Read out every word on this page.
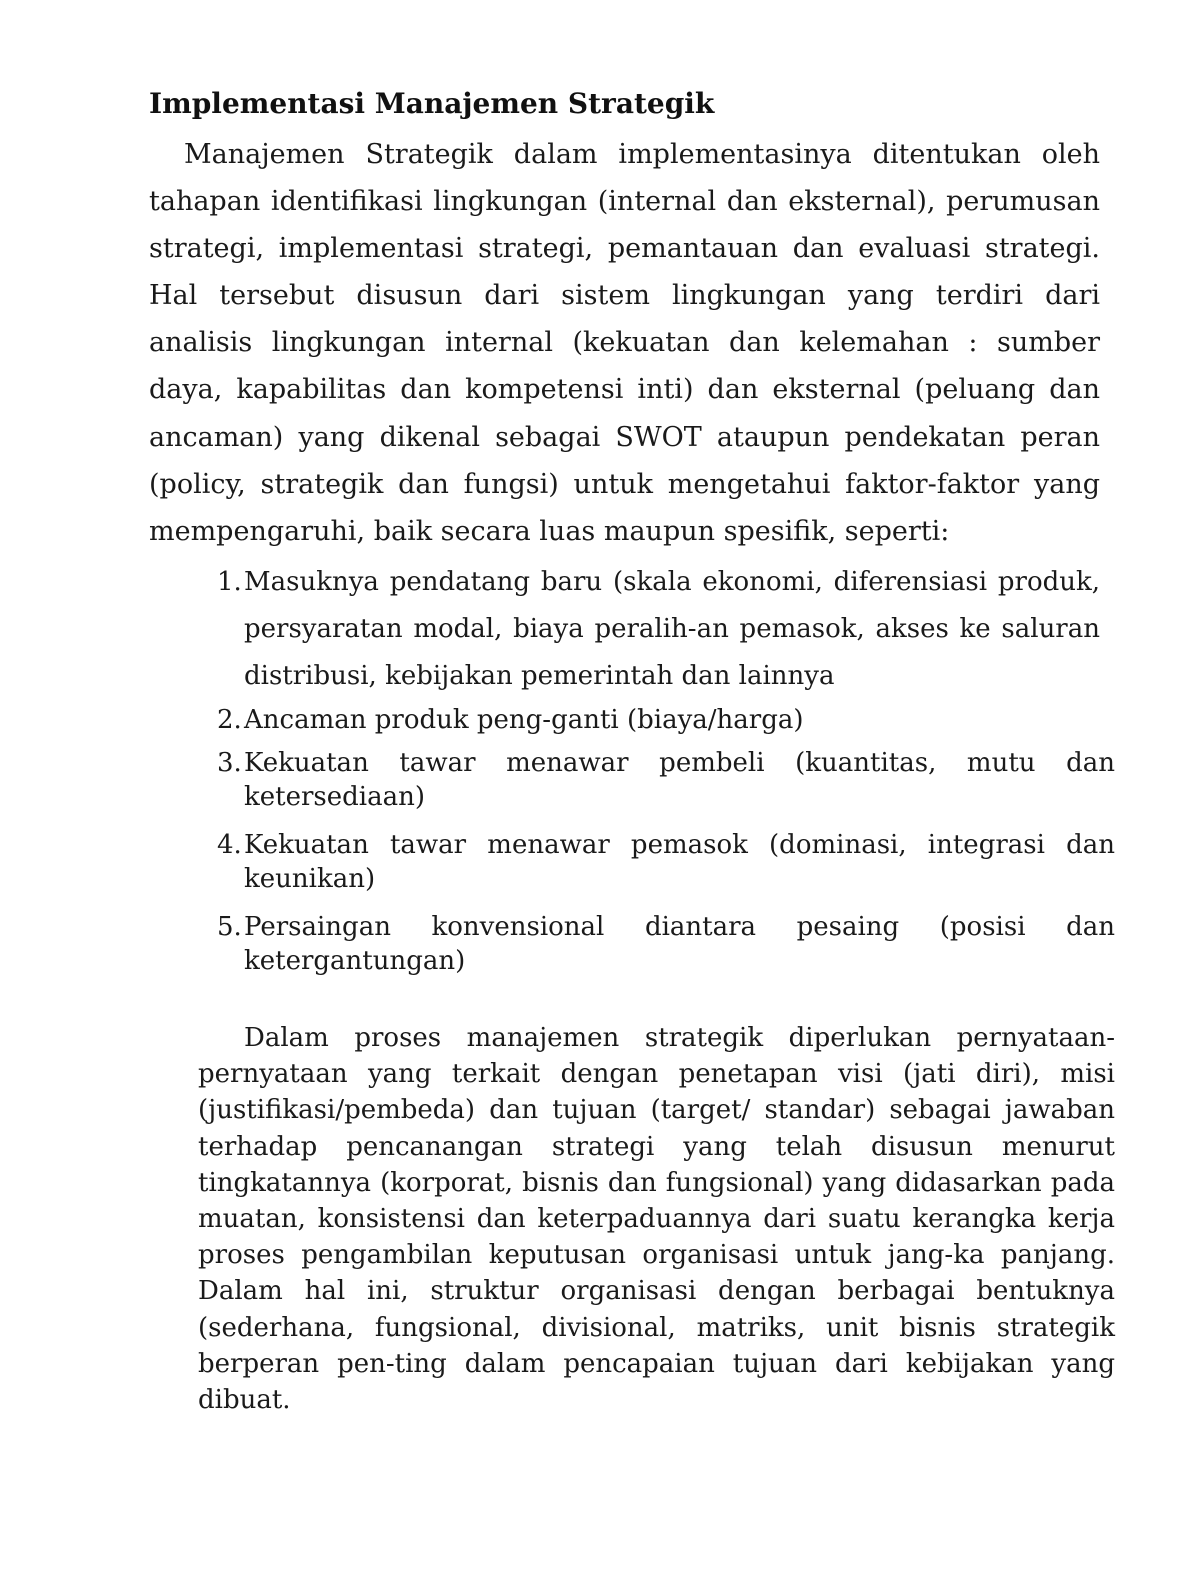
Implementasi Manajemen Strategik

Manajemen Strategik dalam implementasinya ditentukan oleh tahapan identifikasi lingkungan (internal dan eksternal), perumusan strategi, implementasi strategi, pemantauan dan evaluasi strategi. Hal tersebut disusun dari sistem lingkungan yang terdiri dari analisis lingkungan internal (kekuatan dan kelemahan : sumber daya, kapabilitas dan kompetensi inti) dan eksternal (peluang dan ancaman) yang dikenal sebagai SWOT ataupun pendekatan peran (policy, strategik dan fungsi) untuk mengetahui faktor-faktor yang mempengaruhi, baik secara luas maupun spesifik, seperti:

1. Masuknya pendatang baru (skala ekonomi, diferensiasi produk, persyaratan modal, biaya peralih-an pemasok, akses ke saluran distribusi, kebijakan pemerintah dan lainnya
2. Ancaman produk peng-ganti (biaya/harga)
3. Kekuatan tawar menawar pembeli (kuantitas, mutu dan ketersediaan)
4. Kekuatan tawar menawar pemasok (dominasi, integrasi dan keunikan)
5. Persaingan konvensional diantara pesaing (posisi dan ketergantungan)

Dalam proses manajemen strategik diperlukan pernyataan-pernyataan yang terkait dengan penetapan visi (jati diri), misi (justifikasi/pembeda) dan tujuan (target/ standar) sebagai jawaban terhadap pencanangan strategi yang telah disusun menurut tingkatannya (korporat, bisnis dan fungsional) yang didasarkan pada muatan, konsistensi dan keterpaduannya dari suatu kerangka kerja proses pengambilan keputusan organisasi untuk jang-ka panjang. Dalam hal ini, struktur organisasi dengan berbagai bentuknya (sederhana, fungsional, divisional, matriks, unit bisnis strategik berperan pen-ting dalam pencapaian tujuan dari kebijakan yang dibuat.
